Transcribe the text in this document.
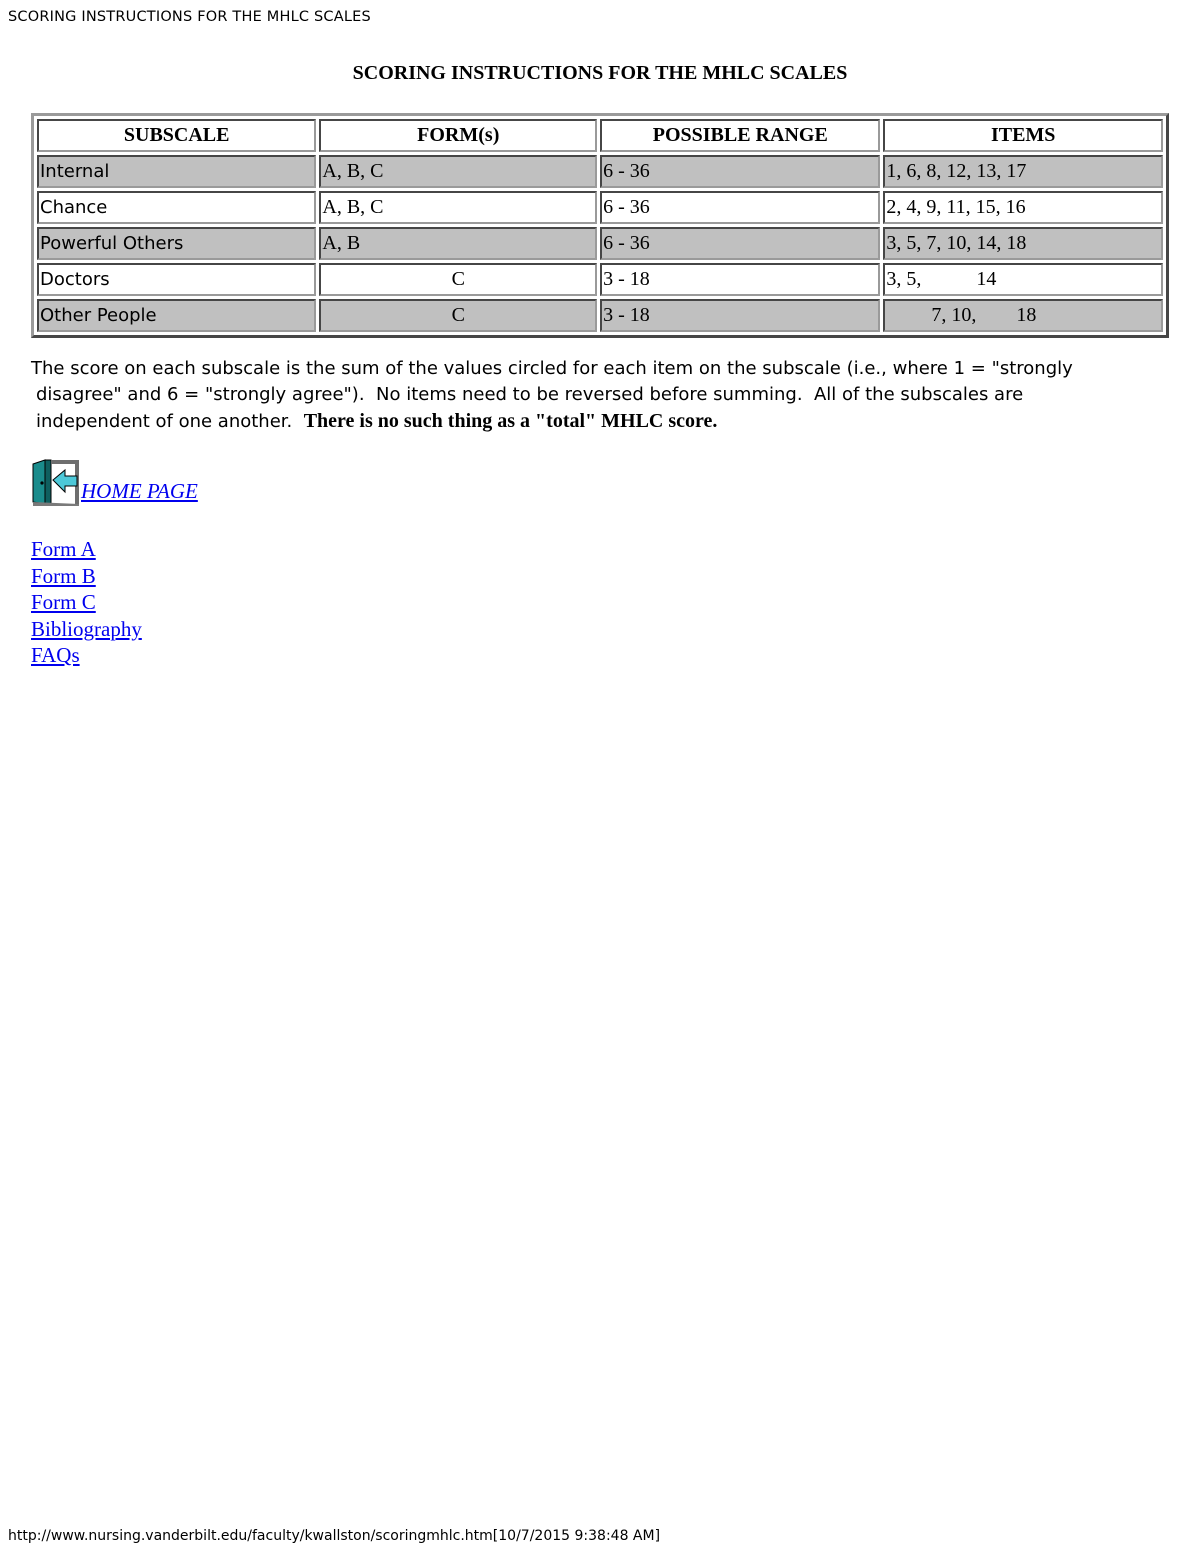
SCORING INSTRUCTIONS FOR THE MHLC SCALES
SCORING INSTRUCTIONS FOR THE MHLC SCALES
SUBSCALE	FORM(s)	POSSIBLE RANGE	ITEMS
Internal	A, B, C	6 - 36	1, 6, 8, 12, 13, 17
Chance	A, B, C	6 - 36	2, 4, 9, 11, 15, 16
Powerful Others	A, B	6 - 36	3, 5, 7, 10, 14, 18
Doctors	C	3 - 18	3, 5,           14
Other People	C	3 - 18	7, 10,        18
The score on each subscale is the sum of the values circled for each item on the subscale (i.e., where 1 = "strongly
disagree" and 6 = "strongly agree").  No items need to be reversed before summing.  All of the subscales are
independent of one another.  There is no such thing as a "total" MHLC score.
HOME PAGE
Form A
Form B
Form C
Bibliography
FAQs
http://www.nursing.vanderbilt.edu/faculty/kwallston/scoringmhlc.htm[10/7/2015 9:38:48 AM]
